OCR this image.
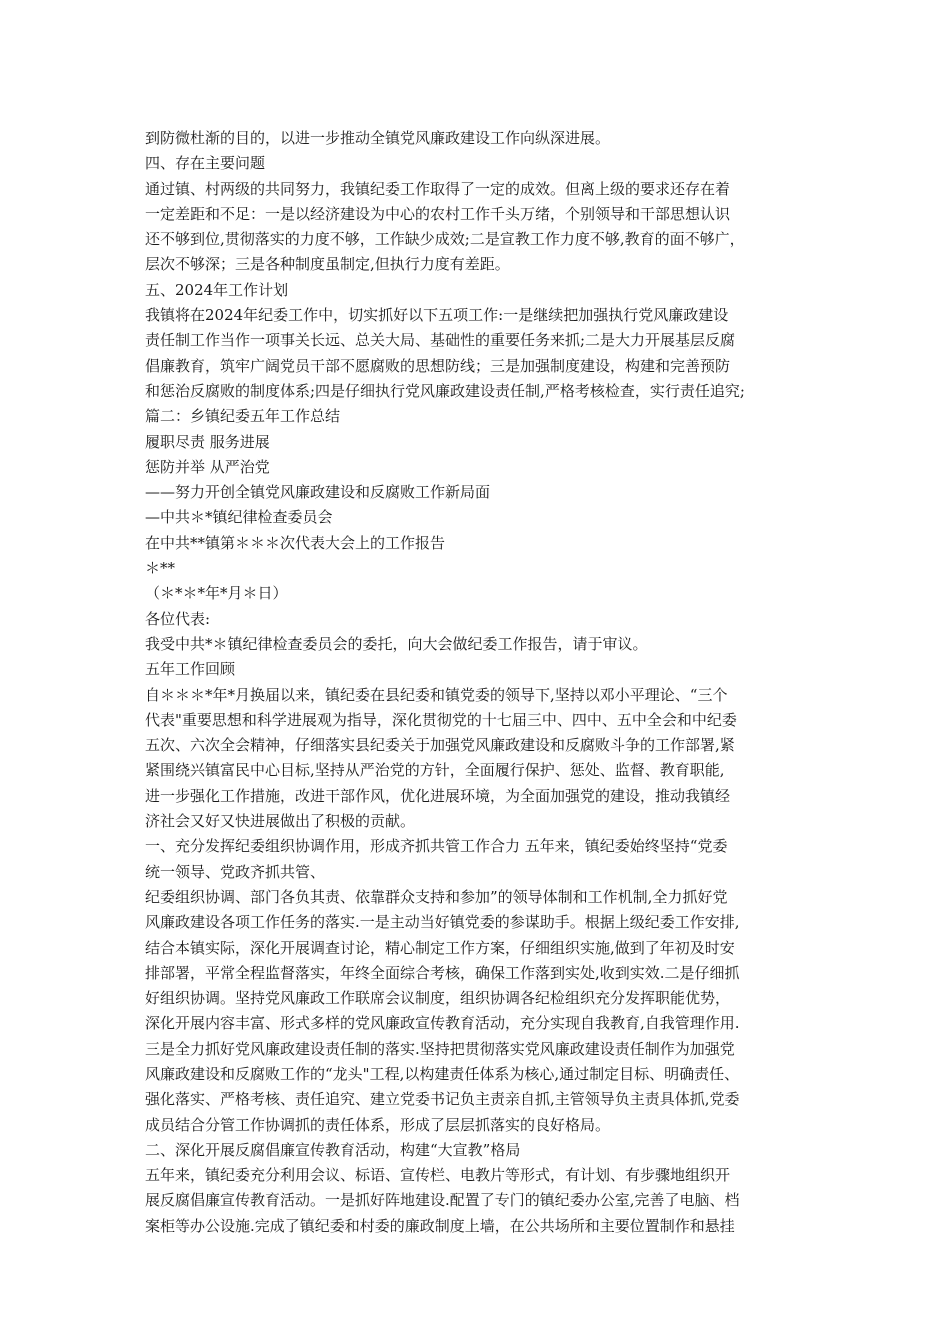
到防微杜渐的目的，以进一步推动全镇党风廉政建设工作向纵深进展。
四、存在主要问题
通过镇、村两级的共同努力，我镇纪委工作取得了一定的成效。但离上级的要求还存在着
一定差距和不足：一是以经济建设为中心的农村工作千头万绪，个别领导和干部思想认识
还不够到位,贯彻落实的力度不够，工作缺少成效;二是宣教工作力度不够,教育的面不够广，
层次不够深；三是各种制度虽制定,但执行力度有差距。
五、2024年工作计划
我镇将在2024年纪委工作中，切实抓好以下五项工作:一是继续把加强执行党风廉政建设
责任制工作当作一项事关长远、总关大局、基础性的重要任务来抓;二是大力开展基层反腐
倡廉教育，筑牢广阔党员干部不愿腐败的思想防线；三是加强制度建设，构建和完善预防
和惩治反腐败的制度体系;四是仔细执行党风廉政建设责任制,严格考核检查，实行责任追究;
篇二：乡镇纪委五年工作总结
履职尽责 服务进展
惩防并举 从严治党
——努力开创全镇党风廉政建设和反腐败工作新局面
—中共＊*镇纪律检查委员会
在中共**镇第＊＊＊次代表大会上的工作报告
＊**
（＊*＊*年*月＊日）
各位代表:
我受中共*＊镇纪律检查委员会的委托，向大会做纪委工作报告，请于审议。
五年工作回顾
自＊＊＊*年*月换届以来，镇纪委在县纪委和镇党委的领导下,坚持以邓小平理论、“三个
代表"重要思想和科学进展观为指导，深化贯彻党的十七届三中、四中、五中全会和中纪委
五次、六次全会精神，仔细落实县纪委关于加强党风廉政建设和反腐败斗争的工作部署,紧
紧围绕兴镇富民中心目标,坚持从严治党的方针，全面履行保护、惩处、监督、教育职能,
进一步强化工作措施，改进干部作风，优化进展环境，为全面加强党的建设，推动我镇经
济社会又好又快进展做出了积极的贡献。
一、充分发挥纪委组织协调作用，形成齐抓共管工作合力 五年来，镇纪委始终坚持“党委
统一领导、党政齐抓共管、
纪委组织协调、部门各负其责、依靠群众支持和参加”的领导体制和工作机制,全力抓好党
风廉政建设各项工作任务的落实.一是主动当好镇党委的参谋助手。根据上级纪委工作安排,
结合本镇实际，深化开展调查讨论，精心制定工作方案，仔细组织实施,做到了年初及时安
排部署，平常全程监督落实，年终全面综合考核，确保工作落到实处,收到实效.二是仔细抓
好组织协调。坚持党风廉政工作联席会议制度，组织协调各纪检组织充分发挥职能优势，
深化开展内容丰富、形式多样的党风廉政宣传教育活动，充分实现自我教育,自我管理作用.
三是全力抓好党风廉政建设责任制的落实.坚持把贯彻落实党风廉政建设责任制作为加强党
风廉政建设和反腐败工作的“龙头"工程,以构建责任体系为核心,通过制定目标、明确责任、
强化落实、严格考核、责任追究、建立党委书记负主责亲自抓,主管领导负主责具体抓,党委
成员结合分管工作协调抓的责任体系，形成了层层抓落实的良好格局。
二、深化开展反腐倡廉宣传教育活动，构建“大宣教”格局
五年来，镇纪委充分利用会议、标语、宣传栏、电教片等形式，有计划、有步骤地组织开
展反腐倡廉宣传教育活动。一是抓好阵地建设.配置了专门的镇纪委办公室,完善了电脑、档
案柜等办公设施.完成了镇纪委和村委的廉政制度上墙，在公共场所和主要位置制作和悬挂
